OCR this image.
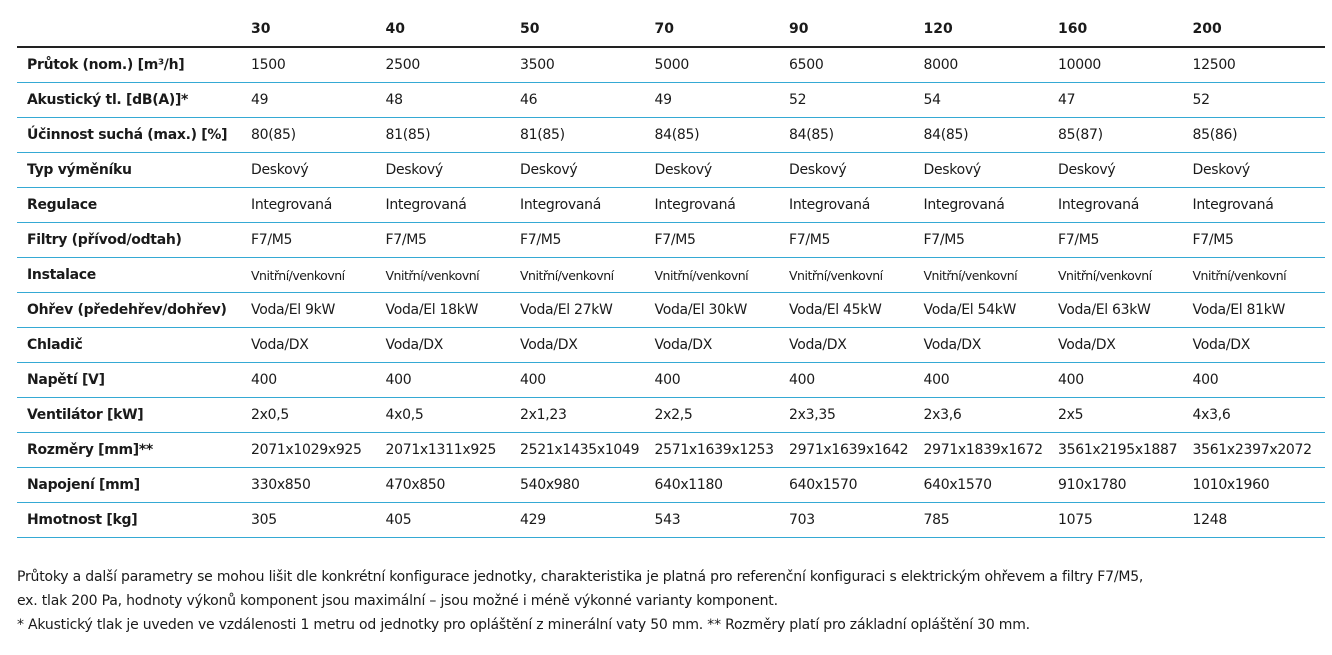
	30	40	50	70	90	120	160	200
Průtok (nom.) [m³/h]	1500	2500	3500	5000	6500	8000	10000	12500
Akustický tl. [dB(A)]*	49	48	46	49	52	54	47	52
Účinnost suchá (max.) [%]	80(85)	81(85)	81(85)	84(85)	84(85)	84(85)	85(87)	85(86)
Typ výměníku	Deskový	Deskový	Deskový	Deskový	Deskový	Deskový	Deskový	Deskový
Regulace	Integrovaná	Integrovaná	Integrovaná	Integrovaná	Integrovaná	Integrovaná	Integrovaná	Integrovaná
Filtry (přívod/odtah)	F7/M5	F7/M5	F7/M5	F7/M5	F7/M5	F7/M5	F7/M5	F7/M5
Instalace	Vnitřní/venkovní	Vnitřní/venkovní	Vnitřní/venkovní	Vnitřní/venkovní	Vnitřní/venkovní	Vnitřní/venkovní	Vnitřní/venkovní	Vnitřní/venkovní
Ohřev (předehřev/dohřev)	Voda/El 9kW	Voda/El 18kW	Voda/El 27kW	Voda/El 30kW	Voda/El 45kW	Voda/El 54kW	Voda/El 63kW	Voda/El 81kW
Chladič	Voda/DX	Voda/DX	Voda/DX	Voda/DX	Voda/DX	Voda/DX	Voda/DX	Voda/DX
Napětí [V]	400	400	400	400	400	400	400	400
Ventilátor [kW]	2x0,5	4x0,5	2x1,23	2x2,5	2x3,35	2x3,6	2x5	4x3,6
Rozměry [mm]**	2071x1029x925	2071x1311x925	2521x1435x1049	2571x1639x1253	2971x1639x1642	2971x1839x1672	3561x2195x1887	3561x2397x2072
Napojení [mm]	330x850	470x850	540x980	640x1180	640x1570	640x1570	910x1780	1010x1960
Hmotnost [kg]	305	405	429	543	703	785	1075	1248

Průtoky a další parametry se mohou lišit dle konkrétní konfigurace jednotky, charakteristika je platná pro referenční konfiguraci s elektrickým ohřevem a filtry F7/M5,

ex. tlak 200 Pa, hodnoty výkonů komponent jsou maximální – jsou možné i méně výkonné varianty komponent.

* Akustický tlak je uveden ve vzdálenosti 1 metru od jednotky pro opláštění z minerální vaty 50 mm. ** Rozměry platí pro základní opláštění 30 mm.
